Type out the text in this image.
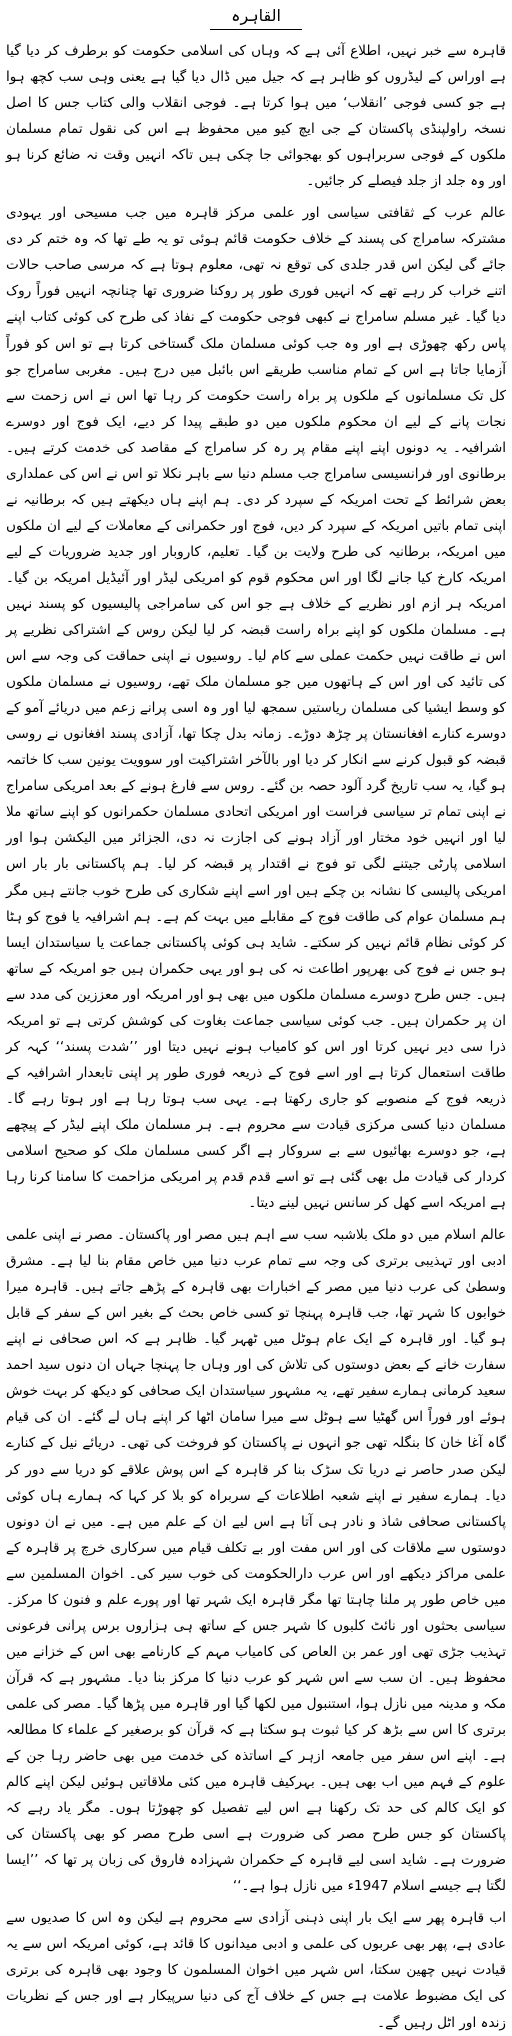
القاہرہ

قاہرہ سے خبر نہیں، اطلاع آئی ہے کہ وہاں کی اسلامی حکومت کو برطرف کر دیا گیا ہے اوراس کے لیڈروں کو ظاہر ہے کہ جیل میں ڈال دیا گیا ہے یعنی وہی سب کچھ ہوا ہے جو کسی فوجی ’انقلاب‘ میں ہوا کرتا ہے۔ فوجی انقلاب والی کتاب جس کا اصل نسخہ راولپنڈی پاکستان کے جی ایچ کیو میں محفوظ ہے اس کی نقول تمام مسلمان ملکوں کے فوجی سربراہوں کو بھجوائی جا چکی ہیں تاکہ انہیں وقت نہ ضائع کرنا ہو اور وہ جلد از جلد فیصلے کر جائیں۔

عالم عرب کے ثقافتی سیاسی اور علمی مرکز قاہرہ میں جب مسیحی اور یہودی مشترکہ سامراج کی پسند کے خلاف حکومت قائم ہوئی تو یہ طے تھا کہ وہ ختم کر دی جائے گی لیکن اس قدر جلدی کی توقع نہ تھی، معلوم ہوتا ہے کہ مرسی صاحب حالات اتنے خراب کر رہے تھے کہ انہیں فوری طور پر روکنا ضروری تھا چنانچہ انہیں فوراً روک دیا گیا۔ غیر مسلم سامراج نے کبھی فوجی حکومت کے نفاذ کی طرح کی کوئی کتاب اپنے پاس رکھ چھوڑی ہے اور وہ جب کوئی مسلمان ملک گستاخی کرتا ہے تو اس کو فوراً آزمایا جاتا ہے اس کے تمام مناسب طریقے اس بائبل میں درج ہیں۔ مغربی سامراج جو کل تک مسلمانوں کے ملکوں پر براہ راست حکومت کر رہا تھا اس نے اس زحمت سے نجات پانے کے لیے ان محکوم ملکوں میں دو طبقے پیدا کر دیے، ایک فوج اور دوسرے اشرافیہ۔ یہ دونوں اپنے اپنے مقام پر رہ کر سامراج کے مقاصد کی خدمت کرتے ہیں۔ برطانوی اور فرانسیسی سامراج جب مسلم دنیا سے باہر نکلا تو اس نے اس کی عملداری بعض شرائط کے تحت امریکہ کے سپرد کر دی۔ ہم اپنے ہاں دیکھتے ہیں کہ برطانیہ نے اپنی تمام باتیں امریکہ کے سپرد کر دیں، فوج اور حکمرانی کے معاملات کے لیے ان ملکوں میں امریکہ، برطانیہ کی طرح ولایت بن گیا۔ تعلیم، کاروبار اور جدید ضروریات کے لیے امریکہ کارخ کیا جانے لگا اور اس محکوم قوم کو امریکی لیڈر اور آئیڈیل امریکہ بن گیا۔ امریکہ ہر ازم اور نظریے کے خلاف ہے جو اس کی سامراجی پالیسیوں کو پسند نہیں ہے۔ مسلمان ملکوں کو اپنے براہ راست قبضہ کر لیا لیکن روس کے اشتراکی نظریے پر اس نے طاقت نہیں حکمت عملی سے کام لیا۔ روسیوں نے اپنی حماقت کی وجہ سے اس کی تائید کی اور اس کے ہاتھوں میں جو مسلمان ملک تھے، روسیوں نے مسلمان ملکوں کو وسط ایشیا کی مسلمان ریاستیں سمجھ لیا اور وہ اسی پرانے زعم میں دریائے آمو کے دوسرے کنارے افغانستان پر چڑھ دوڑے۔ زمانہ بدل چکا تھا، آزادی پسند افغانوں نے روسی قبضہ کو قبول کرنے سے انکار کر دیا اور بالآخر اشتراکیت اور سوویت یونین سب کا خاتمہ ہو گیا، یہ سب تاریخ گرد آلود حصہ بن گئے۔ روس سے فارغ ہونے کے بعد امریکی سامراج نے اپنی تمام تر سیاسی فراست اور امریکی اتحادی مسلمان حکمرانوں کو اپنے ساتھ ملا لیا اور انہیں خود مختار اور آزاد ہونے کی اجازت نہ دی، الجزائر میں الیکشن ہوا اور اسلامی پارٹی جیتنے لگی تو فوج نے اقتدار پر قبضہ کر لیا۔ ہم پاکستانی بار بار اس امریکی پالیسی کا نشانہ بن چکے ہیں اور اسے اپنے شکاری کی طرح خوب جانتے ہیں مگر ہم مسلمان عوام کی طاقت فوج کے مقابلے میں بہت کم ہے۔ ہم اشرافیہ یا فوج کو ہٹا کر کوئی نظام قائم نہیں کر سکتے۔ شاید ہی کوئی پاکستانی جماعت یا سیاستدان ایسا ہو جس نے فوج کی بھرپور اطاعت نہ کی ہو اور یہی حکمران ہیں جو امریکہ کے ساتھ ہیں۔ جس طرح دوسرے مسلمان ملکوں میں بھی ہو اور امریکہ اور معززین کی مدد سے ان پر حکمران ہیں۔ جب کوئی سیاسی جماعت بغاوت کی کوشش کرتی ہے تو امریکہ ذرا سی دیر نہیں کرتا اور اس کو کامیاب ہونے نہیں دیتا اور ’’شدت پسند‘‘ کہہ کر طاقت استعمال کرتا ہے اور اسے فوج کے ذریعہ فوری طور پر اپنی تابعدار اشرافیہ کے ذریعہ فوج کے منصوبے کو جاری رکھتا ہے۔ یہی سب ہوتا رہا ہے اور ہوتا رہے گا۔ مسلمان دنیا کسی مرکزی قیادت سے محروم ہے۔ ہر مسلمان ملک اپنے لیڈر کے پیچھے ہے، جو دوسرے بھائیوں سے بے سروکار ہے اگر کسی مسلمان ملک کو صحیح اسلامی کردار کی قیادت مل بھی گئی ہے تو اسے قدم قدم پر امریکی مزاحمت کا سامنا کرنا رہا ہے امریکہ اسے کھل کر سانس نہیں لینے دیتا۔

عالم اسلام میں دو ملک بلاشبہ سب سے اہم ہیں مصر اور پاکستان۔ مصر نے اپنی علمی ادبی اور تہذیبی برتری کی وجہ سے تمام عرب دنیا میں خاص مقام بنا لیا ہے۔ مشرق وسطیٰ کی عرب دنیا میں مصر کے اخبارات بھی قاہرہ کے پڑھے جاتے ہیں۔ قاہرہ میرا خوابوں کا شہر تھا، جب قاہرہ پہنچا تو کسی خاص بحث کے بغیر اس کے سفر کے قابل ہو گیا۔ اور قاہرہ کے ایک عام ہوٹل میں ٹھہر گیا۔ ظاہر ہے کہ اس صحافی نے اپنے سفارت خانے کے بعض دوستوں کی تلاش کی اور وہاں جا پہنچا جہاں ان دنوں سید احمد سعید کرمانی ہمارے سفیر تھے، یہ مشہور سیاستدان ایک صحافی کو دیکھ کر بہت خوش ہوئے اور فوراً اس گھٹیا سے ہوٹل سے میرا سامان اٹھا کر اپنے ہاں لے گئے۔ ان کی قیام گاہ آغا خان کا بنگلہ تھی جو انہوں نے پاکستان کو فروخت کی تھی۔ دریائے نیل کے کنارے لیکن صدر حاصر نے دریا تک سڑک بنا کر قاہرہ کے اس پوش علاقے کو دریا سے دور کر دیا۔ ہمارے سفیر نے اپنے شعبہ اطلاعات کے سربراہ کو بلا کر کہا کہ ہمارے ہاں کوئی پاکستانی صحافی شاذ و نادر ہی آتا ہے اس لیے ان کے علم میں ہے۔ میں نے ان دونوں دوستوں سے ملاقات کی اور اس مفت اور بے تکلف قیام میں سرکاری خرچ پر قاہرہ کے علمی مراکز دیکھے اور اس عرب دارالحکومت کی خوب سیر کی۔ اخوان المسلمین سے میں خاص طور پر ملنا چاہتا تھا مگر قاہرہ ایک شہر تھا اور پورے علم و فنون کا مرکز۔ سیاسی بحثوں اور نائٹ کلبوں کا شہر جس کے ساتھ ہی ہزاروں برس پرانی فرعونی تہذیب جڑی تھی اور عمر بن العاص کی کامیاب مہم کے کارنامے بھی اس کے خزانے میں محفوظ ہیں۔ ان سب سے اس شہر کو عرب دنیا کا مرکز بنا دیا۔ مشہور ہے کہ قرآن مکہ و مدینہ میں نازل ہوا، استنبول میں لکھا گیا اور قاہرہ میں پڑھا گیا۔ مصر کی علمی برتری کا اس سے بڑھ کر کیا ثبوت ہو سکتا ہے کہ قرآن کو برصغیر کے علماء کا مطالعہ ہے۔ اپنے اس سفر میں جامعہ ازہر کے اساتذہ کی خدمت میں بھی حاضر رہا جن کے علوم کے فہم میں اب بھی ہیں۔ بہرکیف قاہرہ میں کئی ملاقاتیں ہوئیں لیکن اپنے کالم کو ایک کالم کی حد تک رکھنا ہے اس لیے تفصیل کو چھوڑتا ہوں۔ مگر یاد رہے کہ پاکستان کو جس طرح مصر کی ضرورت ہے اسی طرح مصر کو بھی پاکستان کی ضرورت ہے۔ شاید اسی لیے قاہرہ کے حکمران شہزادہ فاروق کی زبان پر تھا کہ ’’ایسا لگتا ہے جیسے اسلام 1947ء میں نازل ہوا ہے۔‘‘

اب قاہرہ پھر سے ایک بار اپنی ذہنی آزادی سے محروم ہے لیکن وہ اس کا صدیوں سے عادی ہے، پھر بھی عربوں کی علمی و ادبی میدانوں کا قائد ہے، کوئی امریکہ اس سے یہ قیادت نہیں چھین سکتا، اس شہر میں اخوان المسلمون کا وجود بھی قاہرہ کی برتری کی ایک مضبوط علامت ہے جس کے خلاف آج کی دنیا سرپیکار ہے اور جس کے نظریات زندہ اور اٹل رہیں گے۔
